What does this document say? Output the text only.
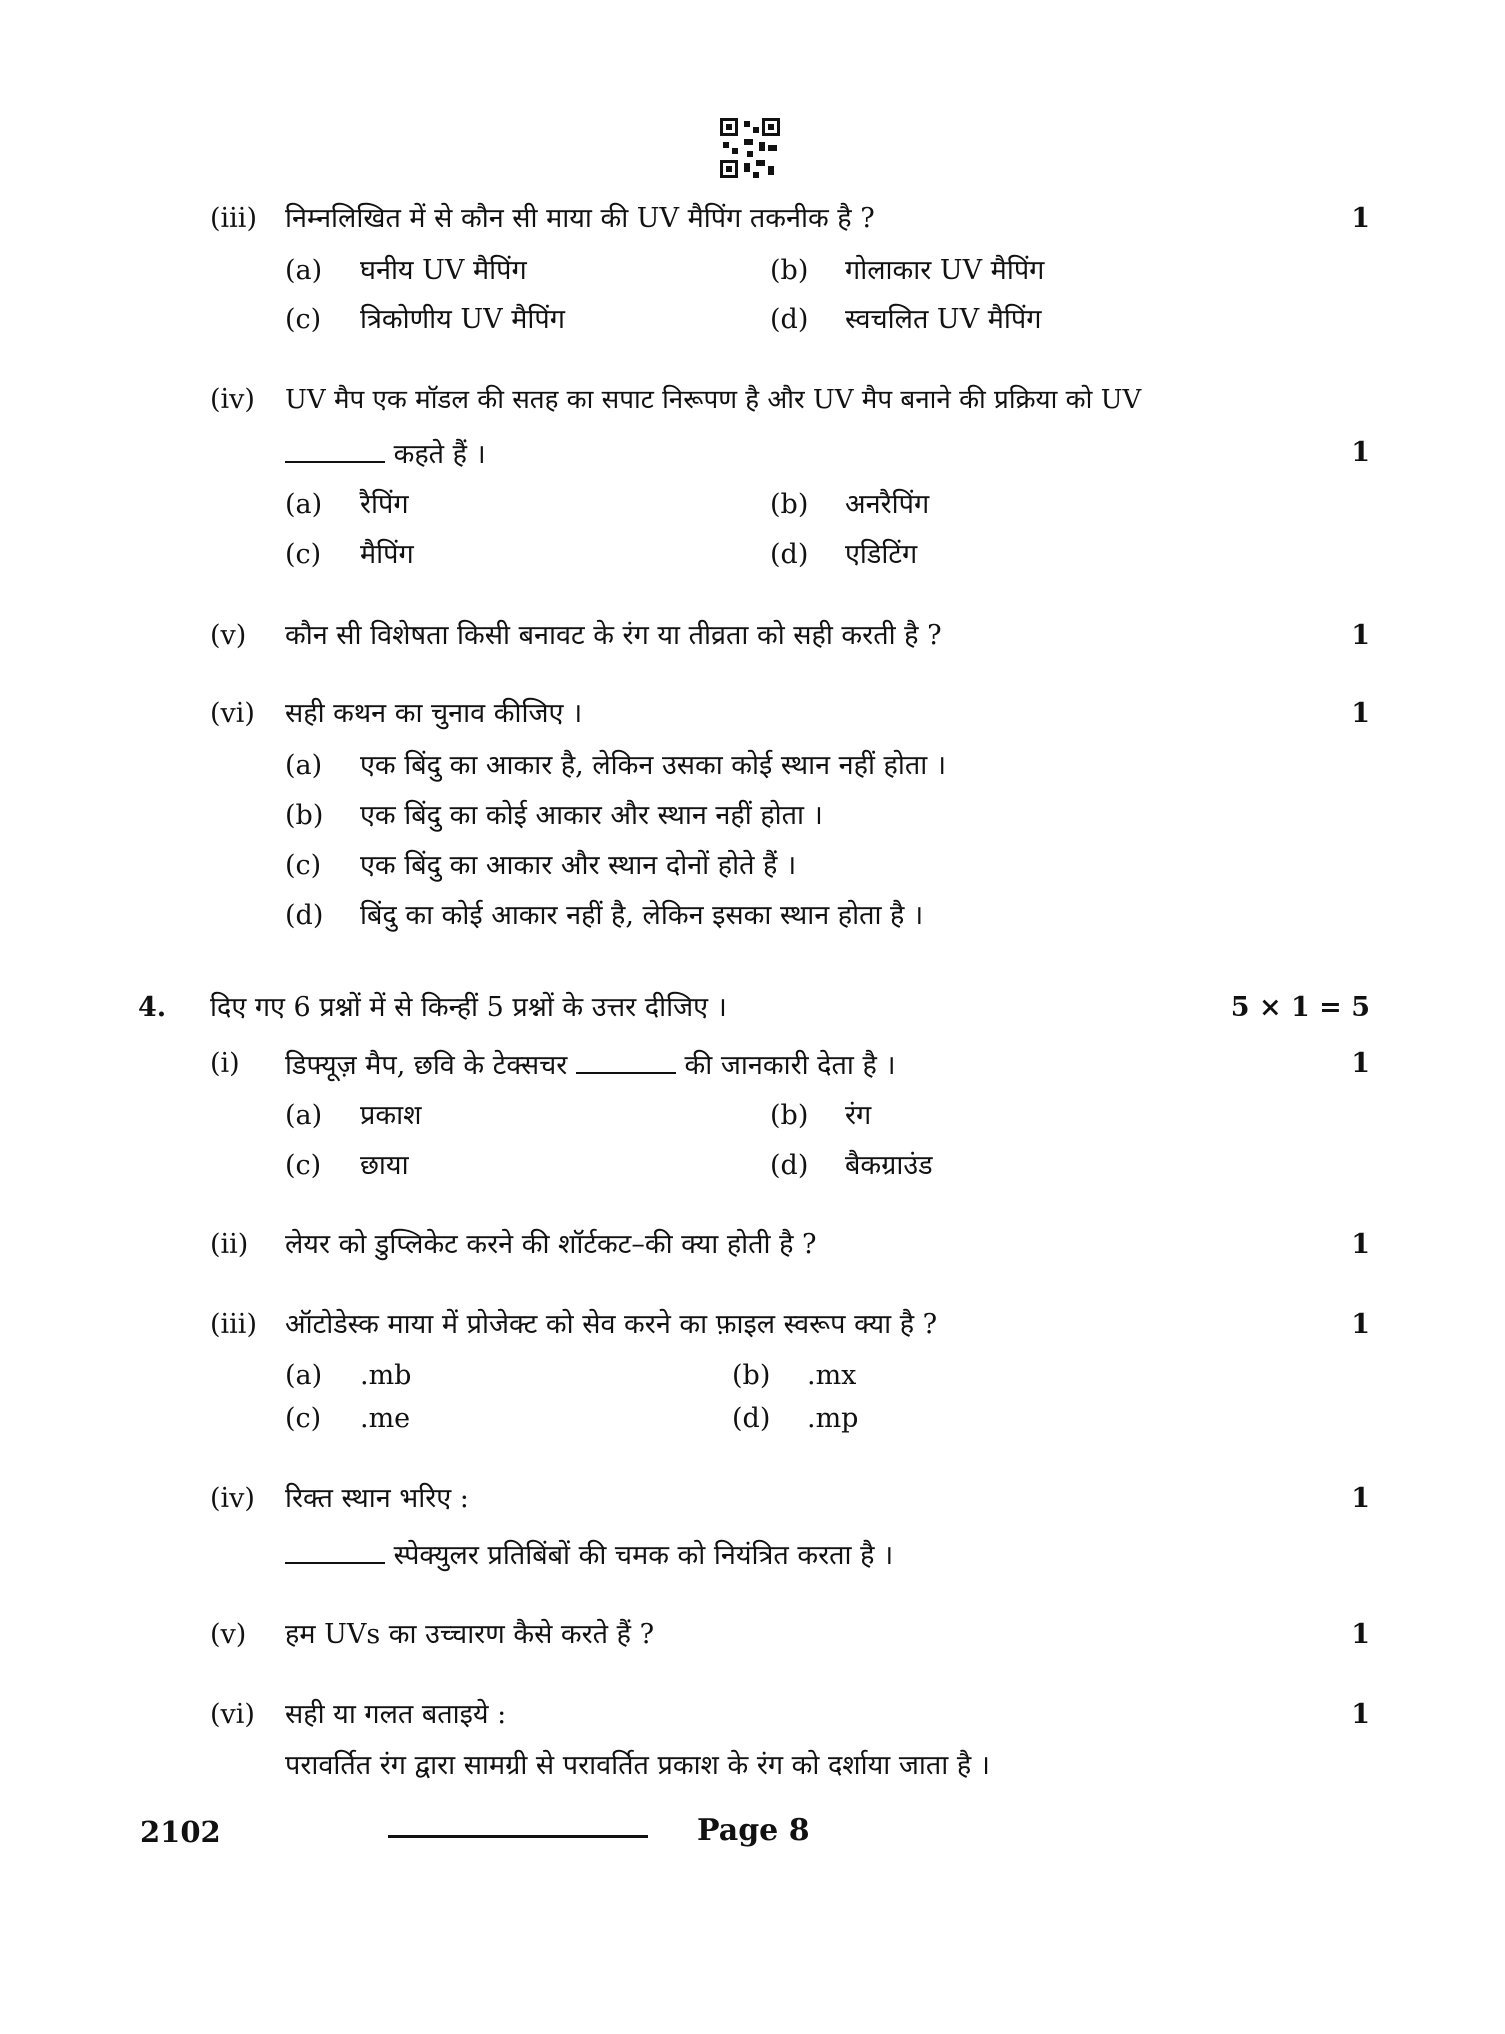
(iii) निम्नलिखित में से कौन सी माया की UV मैपिंग तकनीक है ?	1
(a) घनीय UV मैपिंग	(b) गोलाकार UV मैपिंग
(c) त्रिकोणीय UV मैपिंग	(d) स्वचलित UV मैपिंग
(iv) UV मैप एक मॉडल की सतह का सपाट निरूपण है और UV मैप बनाने की प्रक्रिया को UV
कहते हैं ।	1
(a) रैपिंग	(b) अनरैपिंग
(c) मैपिंग	(d) एडिटिंग
(v) कौन सी विशेषता किसी बनावट के रंग या तीव्रता को सही करती है ?	1
(vi) सही कथन का चुनाव कीजिए ।	1
(a) एक बिंदु का आकार है, लेकिन उसका कोई स्थान नहीं होता ।
(b) एक बिंदु का कोई आकार और स्थान नहीं होता ।
(c) एक बिंदु का आकार और स्थान दोनों होते हैं ।
(d) बिंदु का कोई आकार नहीं है, लेकिन इसका स्थान होता है ।
4. दिए गए 6 प्रश्नों में से किन्हीं 5 प्रश्नों के उत्तर दीजिए ।	5 × 1 = 5
(i) डिफ्यूज़ मैप, छवि के टेक्सचर	की जानकारी देता है ।	1
(a) प्रकाश	(b) रंग
(c) छाया	(d) बैकग्राउंड
(ii) लेयर को डुप्लिकेट करने की शॉर्टकट–की क्या होती है ?	1
(iii) ऑटोडेस्क माया में प्रोजेक्ट को सेव करने का फ़ाइल स्वरूप क्या है ?	1
(a) .mb	(b) .mx
(c) .me	(d) .mp
(iv) रिक्त स्थान भरिए :	1
स्पेक्युलर प्रतिबिंबों की चमक को नियंत्रित करता है ।
(v) हम UVs का उच्चारण कैसे करते हैं ?	1
(vi) सही या गलत बताइये :	1
परावर्तित रंग द्वारा सामग्री से परावर्तित प्रकाश के रंग को दर्शाया जाता है ।
2102	Page 8
